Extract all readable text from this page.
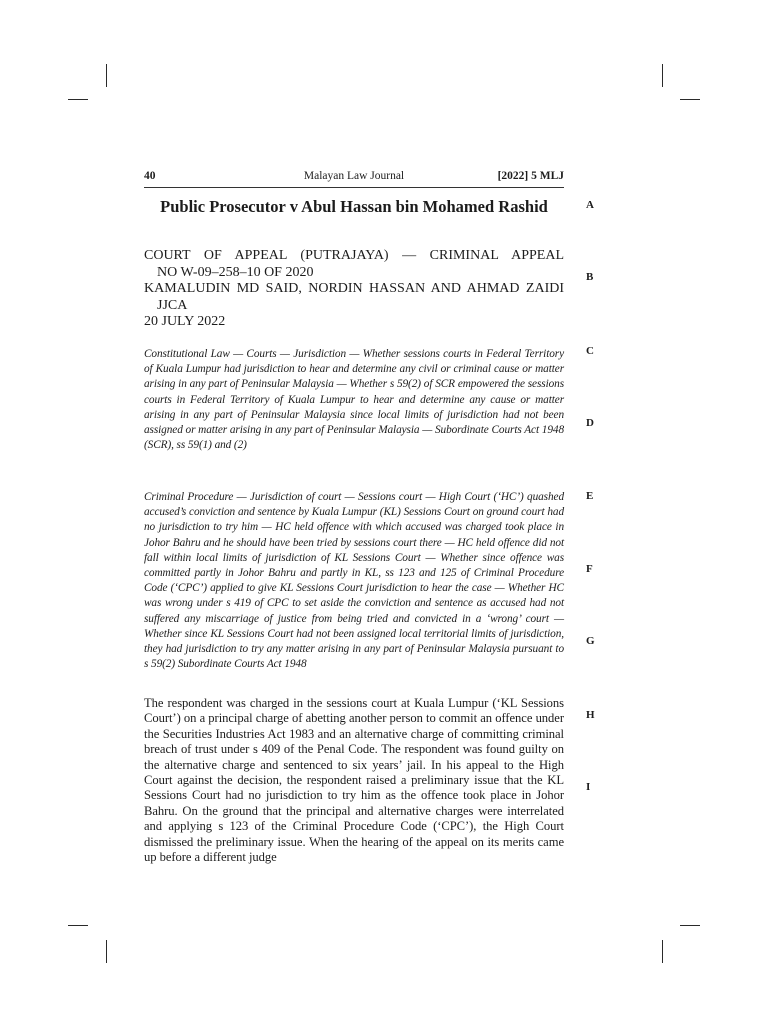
40	Malayan Law Journal	[2022] 5 MLJ
Public Prosecutor v Abul Hassan bin Mohamed Rashid
COURT OF APPEAL (PUTRAJAYA) — CRIMINAL APPEAL
NO W-09–258–10 OF 2020
KAMALUDIN MD SAID, NORDIN HASSAN AND AHMAD ZAIDI
JJCA
20 JULY 2022
Constitutional Law — Courts — Jurisdiction — Whether sessions courts in Federal Territory of Kuala Lumpur had jurisdiction to hear and determine any civil or criminal cause or matter arising in any part of Peninsular Malaysia — Whether s 59(2) of SCR empowered the sessions courts in Federal Territory of Kuala Lumpur to hear and determine any cause or matter arising in any part of Peninsular Malaysia since local limits of jurisdiction had not been assigned or matter arising in any part of Peninsular Malaysia — Subordinate Courts Act 1948 (SCR), ss 59(1) and (2)
Criminal Procedure — Jurisdiction of court — Sessions court — High Court (‘HC’) quashed accused’s conviction and sentence by Kuala Lumpur (KL) Sessions Court on ground court had no jurisdiction to try him — HC held offence with which accused was charged took place in Johor Bahru and he should have been tried by sessions court there — HC held offence did not fall within local limits of jurisdiction of KL Sessions Court — Whether since offence was committed partly in Johor Bahru and partly in KL, ss 123 and 125 of Criminal Procedure Code (‘CPC’) applied to give KL Sessions Court jurisdiction to hear the case — Whether HC was wrong under s 419 of CPC to set aside the conviction and sentence as accused had not suffered any miscarriage of justice from being tried and convicted in a ‘wrong’ court — Whether since KL Sessions Court had not been assigned local territorial limits of jurisdiction, they had jurisdiction to try any matter arising in any part of Peninsular Malaysia pursuant to s 59(2) Subordinate Courts Act 1948
The respondent was charged in the sessions court at Kuala Lumpur (‘KL Sessions Court’) on a principal charge of abetting another person to commit an offence under the Securities Industries Act 1983 and an alternative charge of committing criminal breach of trust under s 409 of the Penal Code. The respondent was found guilty on the alternative charge and sentenced to six years’ jail. In his appeal to the High Court against the decision, the respondent raised a preliminary issue that the KL Sessions Court had no jurisdiction to try him as the offence took place in Johor Bahru. On the ground that the principal and alternative charges were interrelated and applying s 123 of the Criminal Procedure Code (‘CPC’), the High Court dismissed the preliminary issue. When the hearing of the appeal on its merits came up before a different judge
A
B
C
D
E
F
G
H
I
